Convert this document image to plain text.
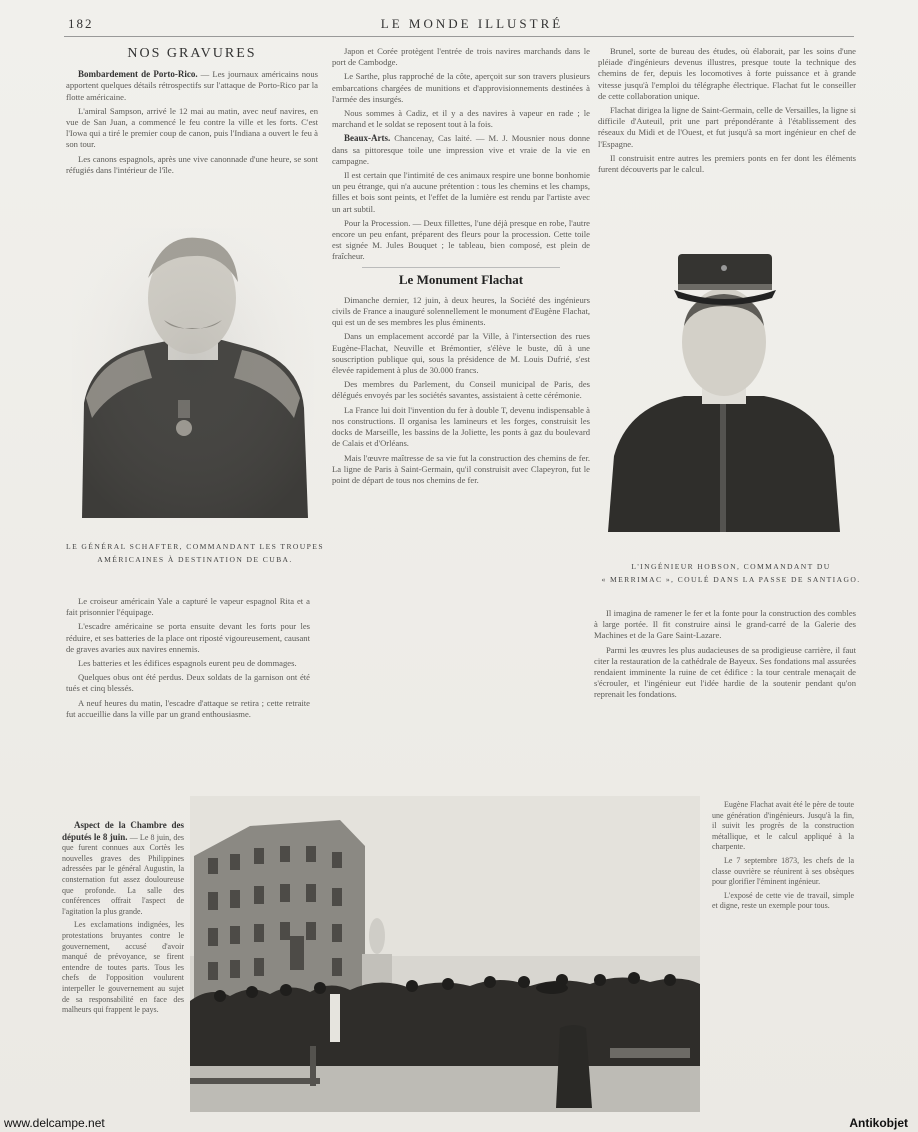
182	LE MONDE ILLUSTRÉ
NOS GRAVURES

Bombardement de Porto-Rico. — Les journaux américains nous apportent quelques détails rétrospectifs sur l'attaque de Porto-Rico par la flotte américaine.

L'amiral Sampson, arrivé le 12 mai au matin, avec neuf navires, en vue de San Juan, a commencé le feu contre la ville et les forts. C'est l'Iowa qui a tiré le premier coup de canon, puis l'Indiana a ouvert le feu à son tour.

Les canons espagnols, après une vive canonnade d'une heure, se sont réfugiés dans l'intérieur de l'île.

LE GÉNÉRAL SCHAFTER, COMMANDANT LES TROUPES
AMÉRICAINES À DESTINATION DE CUBA.

Le croiseur américain Yale a capturé le vapeur espagnol Rita et a fait prisonnier l'équipage.

L'escadre américaine se porta ensuite devant les forts pour les réduire, et ses batteries de la place ont riposté vigoureusement, causant de graves avaries aux navires ennemis.

Les batteries et les édifices espagnols eurent peu de dommages.

Quelques obus ont été perdus. Deux soldats de la garnison ont été tués et cinq blessés.

A neuf heures du matin, l'escadre d'attaque se retira ; cette retraite fut accueillie dans la ville par un grand enthousiasme.

Aspect de la Chambre des députés le 8 juin. — Le 8 juin, des que furent connues aux Cortès les nouvelles graves des Philippines adressées par le général Augustin, la consternation fut assez douloureuse que profonde. La salle des conférences offrait l'aspect de l'agitation la plus grande.

Les exclamations indignées, les protestations bruyantes contre le gouvernement, accusé d'avoir manqué de prévoyance, se firent entendre de toutes parts. Tous les chefs de l'opposition voulurent interpeller le gouvernement au sujet de sa responsabilité en face des malheurs qui frappent le pays.

Japon et Corée protègent l'entrée de trois navires marchands dans le port de Cambodge.

Le Sarthe, plus rapproché de la côte, aperçoit sur son travers plusieurs embarcations chargées de munitions et d'approvisionnements destinées à l'armée des insurgés.

Nous sommes à Cadiz, et il y a des navires à vapeur en rade ; le marchand et le soldat se reposent tout à la fois.

Beaux-Arts. Chancenay, Cas laité. — M. J. Mousnier nous donne dans sa pittoresque toile une impression vive et vraie de la vie en campagne.

Il est certain que l'intimité de ces animaux respire une bonne bonhomie un peu étrange, qui n'a aucune prétention : tous les chemins et les champs, filles et bois sont peints, et l'effet de la lumière est rendu par l'artiste avec un art subtil.

Pour la Procession. — Deux fillettes, l'une déjà presque en robe, l'autre encore un peu enfant, préparent des fleurs pour la procession. Cette toile est signée M. Jules Bouquet ; le tableau, bien composé, est plein de fraîcheur.

Le Monument Flachat

Dimanche dernier, 12 juin, à deux heures, la Société des ingénieurs civils de France a inauguré solennellement le monument d'Eugène Flachat, qui est un de ses membres les plus éminents.

Dans un emplacement accordé par la Ville, à l'intersection des rues Eugène-Flachat, Neuville et Brémontier, s'élève le buste, dû à une souscription publique qui, sous la présidence de M. Louis Dufrié, s'est élevée rapidement à plus de 30.000 francs.

Des membres du Parlement, du Conseil municipal de Paris, des délégués envoyés par les sociétés savantes, assistaient à cette cérémonie.

La France lui doit l'invention du fer à double T, devenu indispensable à nos constructions. Il organisa les lamineurs et les forges, construisit les docks de Marseille, les bassins de la Joliette, les ponts à gaz du boulevard de Calais et d'Orléans.

Mais l'œuvre maîtresse de sa vie fut la construction des chemins de fer. La ligne de Paris à Saint-Germain, qu'il construisit avec Clapeyron, fut le point de départ de tous nos chemins de fer.

Brunel, sorte de bureau des études, où élaborait, par les soins d'une pléiade d'ingénieurs devenus illustres, presque toute la technique des chemins de fer, depuis les locomotives à forte puissance et à grande vitesse jusqu'à l'emploi du télégraphe électrique. Flachat fut le conseiller de cette collaboration unique.

Flachat dirigea la ligne de Saint-Germain, celle de Versailles, la ligne si difficile d'Auteuil, prit une part prépondérante à l'établissement des réseaux du Midi et de l'Ouest, et fut jusqu'à sa mort ingénieur en chef de l'Espagne.

Il construisit entre autres les premiers ponts en fer dont les éléments furent découverts par le calcul.

L'INGÉNIEUR HOBSON, COMMANDANT DU
« MERRIMAC », COULÉ DANS LA PASSE DE SANTIAGO.

Il imagina de ramener le fer et la fonte pour la construction des combles à large portée. Il fit construire ainsi le grand-carré de la Galerie des Machines et de la Gare Saint-Lazare.

Parmi les œuvres les plus audacieuses de sa prodigieuse carrière, il faut citer la restauration de la cathédrale de Bayeux. Ses fondations mal assurées rendaient imminente la ruine de cet édifice : la tour centrale menaçait de s'écrouler, et l'ingénieur eut l'idée hardie de la soutenir pendant qu'on reprenait les fondations.

Eugène Flachat avait été le père de toute une génération d'ingénieurs. Jusqu'à la fin, il suivit les progrès de la construction métallique, et le calcul appliqué à la charpente.

Le 7 septembre 1873, les chefs de la classe ouvrière se réunirent à ses obsèques pour glorifier l'éminent ingénieur.

L'exposé de cette vie de travail, simple et digne, reste un exemple pour tous.

www.delcampe.net	Antikobjet
